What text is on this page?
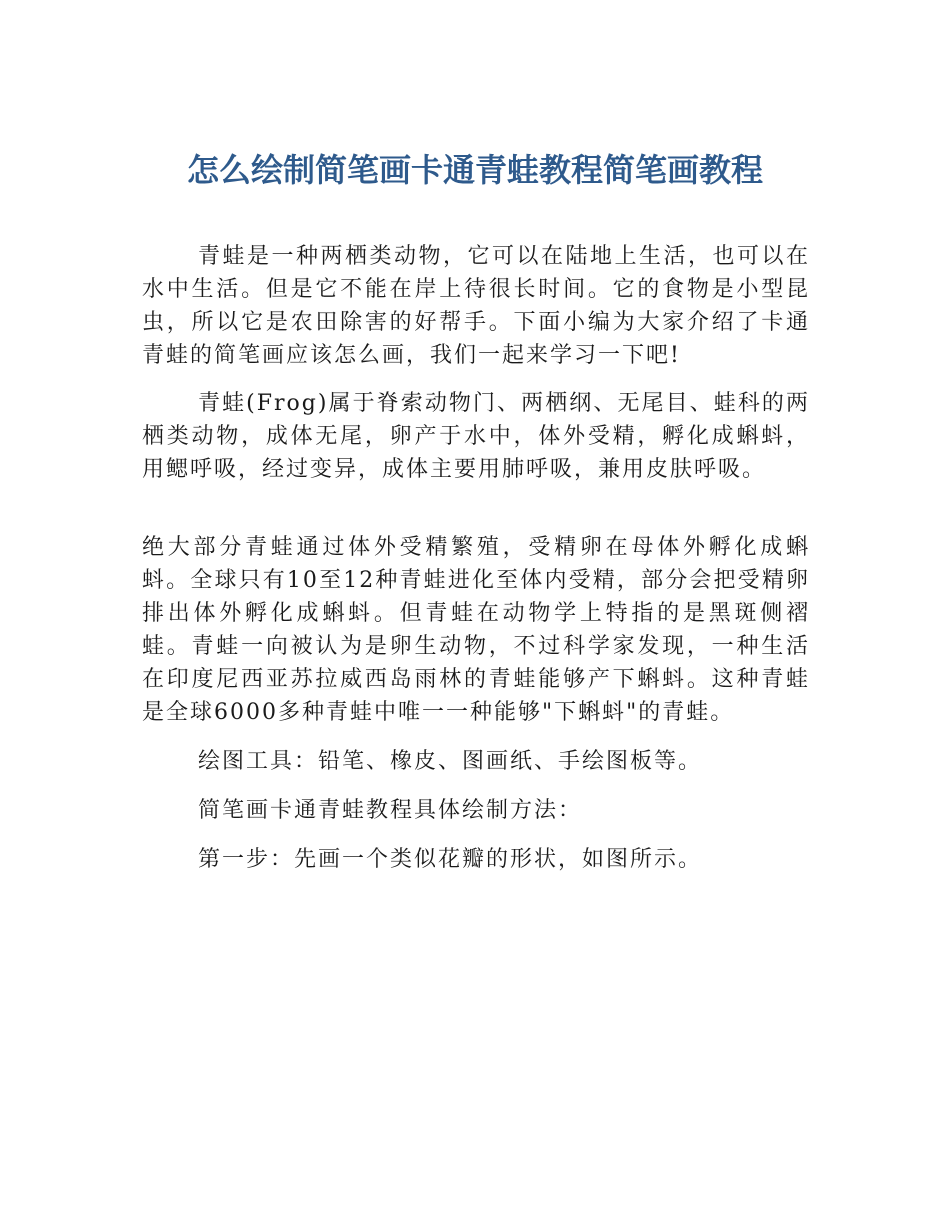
怎么绘制简笔画卡通青蛙教程简笔画教程

青蛙是一种两栖类动物，它可以在陆地上生活，也可以在水中生活。但是它不能在岸上待很长时间。它的食物是小型昆虫，所以它是农田除害的好帮手。下面小编为大家介绍了卡通青蛙的简笔画应该怎么画，我们一起来学习一下吧!

青蛙(Frog)属于脊索动物门、两栖纲、无尾目、蛙科的两栖类动物，成体无尾，卵产于水中，体外受精，孵化成蝌蚪，用鳃呼吸，经过变异，成体主要用肺呼吸，兼用皮肤呼吸。

绝大部分青蛙通过体外受精繁殖，受精卵在母体外孵化成蝌蚪。全球只有10至12种青蛙进化至体内受精，部分会把受精卵排出体外孵化成蝌蚪。但青蛙在动物学上特指的是黑斑侧褶蛙。青蛙一向被认为是卵生动物，不过科学家发现，一种生活在印度尼西亚苏拉威西岛雨林的青蛙能够产下蝌蚪。这种青蛙是全球6000多种青蛙中唯一一种能够"下蝌蚪"的青蛙。

绘图工具：铅笔、橡皮、图画纸、手绘图板等。

简笔画卡通青蛙教程具体绘制方法：

第一步：先画一个类似花瓣的形状，如图所示。
